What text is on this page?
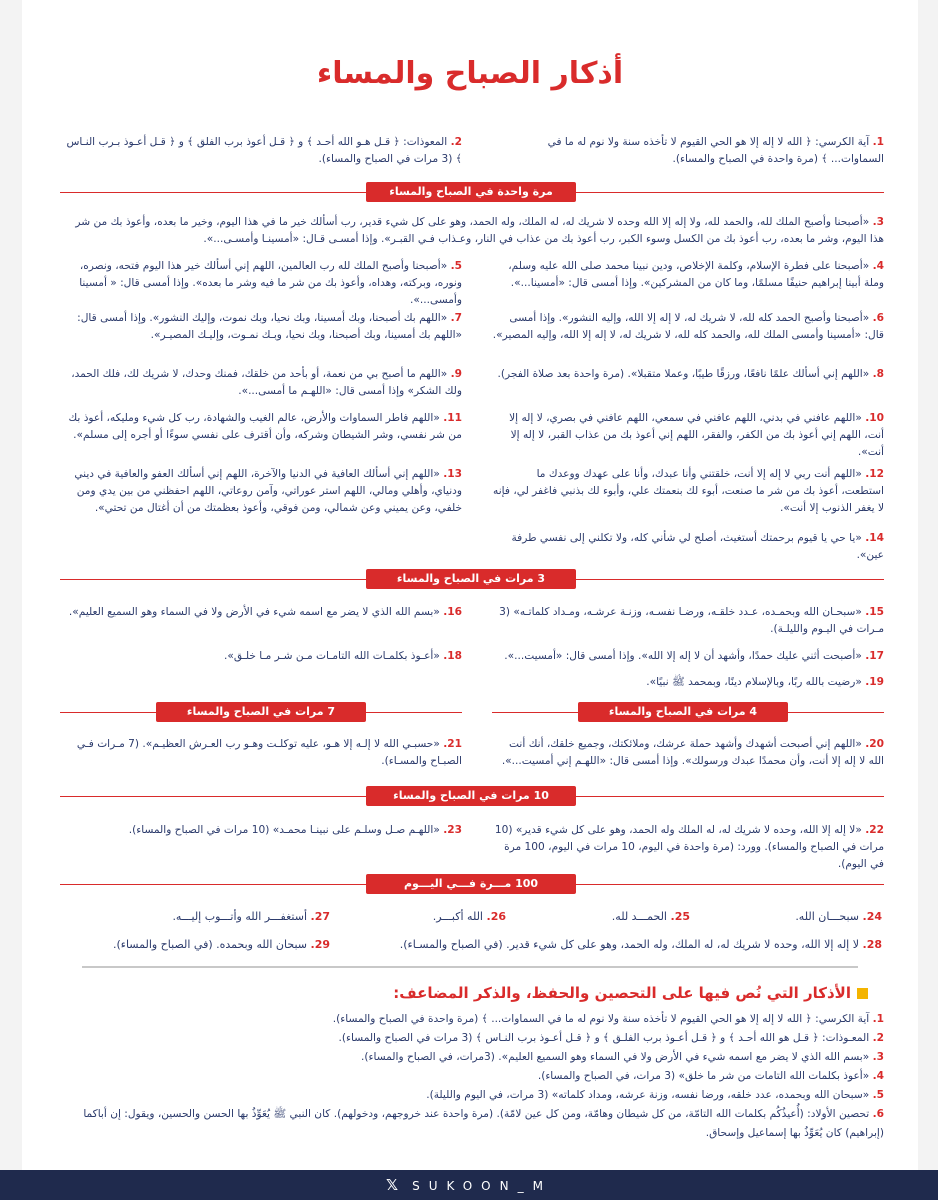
أذكار الصباح والمساء
1. آية الكرسي: ﴿ الله لا إله إلا هو الحي القيوم لا تأخذه سنة ولا نوم له ما في السماوات... ﴾ (مرة واحدة في الصباح والمساء).
2. المعوذات: ﴿ قـل هـو الله أحـد ﴾ و ﴿ قـل أعوذ برب الفلق ﴾ و ﴿ قـل أعـوذ بـرب النـاس ﴾ (3 مرات في الصباح والمساء).
مرة واحدة في الصباح والمساء
3. «أصبحنا وأصبح الملك لله، والحمد لله، ولا إله إلا الله وحده لا شريك له، له الملك، وله الحمد، وهو على كل شيء قدير، رب أسألك خير ما في هذا اليوم، وخير ما بعده، وأعوذ بك من شر هذا اليوم، وشر ما بعده، رب أعوذ بك من الكسل وسوء الكبر، رب أعوذ بك من عذاب في النار، وعـذاب فـي القبـر». وإذا أمسـى قـال: «أمسينـا وأمسـى...».
4. «أصبحنا على فطرة الإسلام، وكلمة الإخلاص، ودين نبينا محمد صلى الله عليه وسلم، وملة أبينا إبراهيم حنيفًا مسلمًا، وما كان من المشركين». وإذا أمسى قال: «أمسينا...».
5. «أصبحنا وأصبح الملك لله رب العالمين، اللهم إني أسألك خير هذا اليوم فتحه، ونصره، ونوره، وبركته، وهداه، وأعوذ بك من شر ما فيه وشر ما بعده». وإذا أمسى قال: « أمسينا وأمسى...».
6. «أصبحنا وأصبح الحمد كله لله، لا شريك له، لا إله إلا الله، وإليه النشور». وإذا أمسى قال: «أمسينا وأمسى الملك لله، والحمد كله لله، لا شريك له، لا إله إلا الله، وإليه المصير».
7. «اللهم بك أصبحنا، وبك أمسينا، وبك نحيا، وبك نموت، وإليك النشور». وإذا أمسى قال: «اللهم بك أمسينا، وبك أصبحنا، وبك نحيا، وبـك نمـوت، وإليـك المصيـر».
8. «اللهم إني أسألك علمًا نافعًا، ورزقًا طيبًا، وعملا متقبلا». (مرة واحدة بعد صلاة الفجر).
9. «اللهم ما أصبح بي من نعمة، أو بأحد من خلقك، فمنك وحدك، لا شريك لك، فلك الحمد، ولك الشكر» وإذا أمسى قال: «اللهـم ما أمسى...».
10. «اللهم عافني في بدني، اللهم عافني في سمعي، اللهم عافني في بصري، لا إله إلا أنت، اللهم إني أعوذ بك من الكفر، والفقر، اللهم إني أعوذ بك من عذاب القبر، لا إله إلا أنت».
11. «اللهم فاطر السماوات والأرض، عالم الغيب والشهادة، رب كل شيء ومليكه، أعوذ بك من شر نفسي، وشر الشيطان وشركه، وأن أقترف على نفسي سوءًا أو أجره إلى مسلم».
12. «اللهم أنت ربي لا إله إلا أنت، خلقتني وأنا عبدك، وأنا على عهدك ووعدك ما استطعت، أعوذ بك من شر ما صنعت، أبوء لك بنعمتك علي، وأبوء لك بذنبي فاغفر لي، فإنه لا يغفر الذنوب إلا أنت».
13. «اللهم إني أسألك العافية في الدنيا والآخرة، اللهم إني أسألك العفو والعافية في ديني ودنياي، وأهلي ومالي، اللهم استر عوراتي، وآمن روعاتي، اللهم احفظني من بين يدي ومن خلفي، وعن يميني وعن شمالي، ومن فوقي، وأعوذ بعظمتك من أن أغتال من تحتي».
14. «يا حي يا قيوم برحمتك أستغيث، أصلح لي شأني كله، ولا تكلني إلى نفسي طرفة عين».
3 مرات في الصباح والمساء
15. «سبحـان الله وبحمـده، عـدد خلقـه، ورضـا نفسـه، وزنـة عرشـه، ومـداد كلماتـه» (3 مـرات في اليـوم والليلـة).
16. «بسم الله الذي لا يضر مع اسمه شيء في الأرض ولا في السماء وهو السميع العليم».
17. «أصبحت أثني عليك حمدًا، وأشهد أن لا إله إلا الله». وإذا أمسى قال: «أمسيت...».
18. «أعـوذ بكلمـات الله التامـات مـن شـر مـا خلـق».
19. «رضيت بالله ربًا، وبالإسلام دينًا، وبمحمد ﷺ نبيًا».
4 مرات في الصباح والمساء
7 مرات في الصباح والمساء
20. «اللهم إني أصبحت أشهدك وأشهد حملة عرشك، وملائكتك، وجميع خلقك، أنك أنت الله لا إله إلا أنت، وأن محمدًا عبدك ورسولك». وإذا أمسى قال: «اللهـم إني أمسيت...».
21. «حسبـي الله لا إلـه إلا هـو، عليه توكلـت وهـو رب العـرش العظيـم». (7 مـرات فـي الصبـاح والمسـاء).
10 مرات في الصباح والمساء
22. «لا إله إلا الله، وحده لا شريك له، له الملك وله الحمد، وهو على كل شيء قدير» (10 مرات في الصباح والمساء). وورد: (مرة واحدة في اليوم، 10 مرات في اليوم، 100 مرة في اليوم).
23. «اللهـم صـل وسلـم على نبينـا محمـد» (10 مرات في الصباح والمساء).
100 مـــرة فـــي اليـــوم
24. سبحـــان الله.
25. الحمـــد لله.
26. الله أكبـــر.
27. أستغفـــر الله وأتـــوب إليـــه.
28. لا إله إلا الله، وحده لا شريك له، له الملك، وله الحمد، وهو على كل شيء قدير. (في الصباح والمسـاء).
29. سبحان الله وبحمده. (في الصباح والمساء).
الأذكار التي نُص فيها على التحصين والحفظ، والذكر المضاعف:
1. آية الكرسي: ﴿ الله لا إله إلا هو الحي القيوم لا تأخذه سنة ولا نوم له ما في السماوات... ﴾ (مرة واحدة في الصباح والمساء).
2. المعـوذات: ﴿ قـل هو الله أحـد ﴾ و ﴿ قـل أعـوذ برب الفلـق ﴾ و ﴿ قـل أعـوذ برب النـاس ﴾ (3 مرات في الصباح والمساء).
3. «بسم الله الذي لا يضر مع اسمه شيء في الأرض ولا في السماء وهو السميع العليم». (3مرات، في الصباح والمساء).
4. «أعوذ بكلمات الله التامات من شر ما خلق» (3 مرات، في الصباح والمساء).
5. «سبحان الله وبحمده، عدد خلقه، ورضا نفسه، وزنة عرشه، ومداد كلماته» (3 مرات، في اليوم والليلة).
6. تحصين الأولاد: (أُعيذُكُم بكلمات الله التامّة، من كل شيطان وهامّة، ومن كل عين لامّة). (مرة واحدة عند خروجهم، ودخولهم). كان النبي ﷺ يُعَوِّذُ بها الحسن والحسين، ويقول: إن أباكما (إبراهيم) كان يُعَوِّذُ بها إسماعيل وإسحاق.
𝕏 SUKOON_M
